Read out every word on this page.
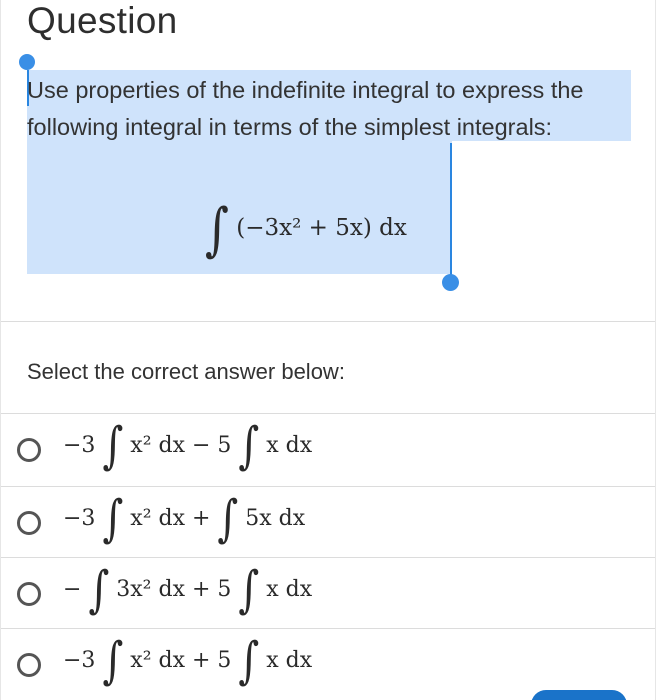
Question
Use properties of the indefinite integral to express the following integral in terms of the simplest integrals:
∫ (−3x² + 5x) dx
Select the correct answer below:
−3 ∫ x² dx − 5 ∫ x dx
−3 ∫ x² dx + ∫ 5x dx
− ∫ 3x² dx + 5 ∫ x dx
−3 ∫ x² dx + 5 ∫ x dx
